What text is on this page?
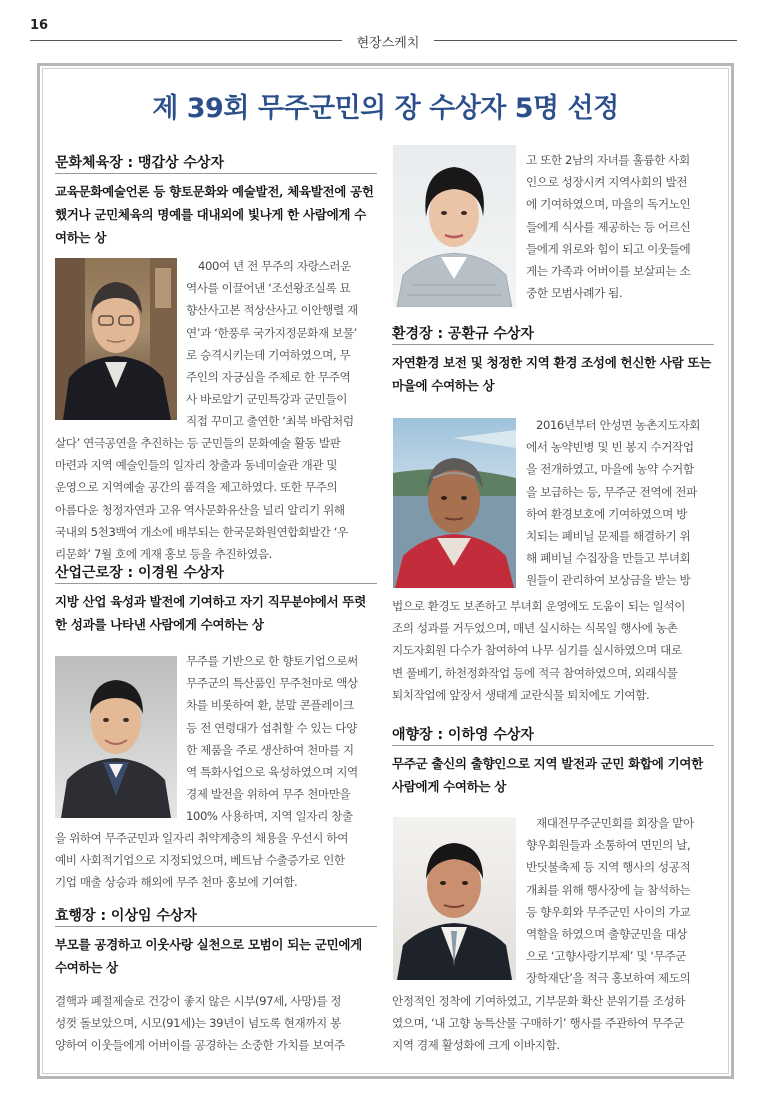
16
현장스케치
제 39회 무주군민의 장 수상자 5명 선정
문화체육장 : 맹갑상 수상자
교육문화예술언론 등 향토문화와 예술발전, 체육발전에 공헌했거나 군민체육의 명예를 대내외에 빛나게 한 사람에게 수여하는 상
400여 년 전 무주의 자랑스러운
역사를 이끌어낸 ‘조선왕조실록 묘
향산사고본 적상산사고 이안행렬 재
연’과 ‘한풍루 국가지정문화재 보물’
로 승격시키는데 기여하였으며, 무
주인의 자긍심을 주제로 한 무주역
사 바로알기 군민특강과 군민들이
직접 꾸미고 출연한 ‘최북 바람처럼
살다’ 연극공연을 추진하는 등 군민들의 문화예술 활동 발판
마련과 지역 예술인들의 일자리 창출과 동네미술관 개관 및
운영으로 지역예술 공간의 품격을 제고하였다. 또한 무주의
아름다운 청정자연과 고유 역사문화유산을 널리 알리기 위해
국내외 5천3백여 개소에 배부되는 한국문화원연합회발간 ‘우
리문화’ 7월 호에 게재 홍보 등을 추진하였음.
산업근로장 : 이경원 수상자
지방 산업 육성과 발전에 기여하고 자기 직무분야에서 뚜렷한 성과를 나타낸 사람에게 수여하는 상
무주를 기반으로 한 향토기업으로써
무주군의 특산품인 무주천마로 액상
차를 비롯하여 환, 분말 콘플레이크
등 전 연령대가 섭취할 수 있는 다양
한 제품을 주로 생산하여 천마를 지
역 특화사업으로 육성하였으며 지역
경제 발전을 위하여 무주 천마만을
100% 사용하며, 지역 일자리 창출
을 위하여 무주군민과 일자리 취약계층의 채용을 우선시 하여
예비 사회적기업으로 지정되었으며, 베트남 수출증가로 인한
기업 매출 상승과 해외에 무주 천마 홍보에 기여함.
효행장 : 이상임 수상자
부모를 공경하고 이웃사랑 실천으로 모범이 되는 군민에게 수여하는 상
결핵과 폐절제술로 건강이 좋지 않은 시부(97세, 사망)를 정
성껏 돌보았으며, 시모(91세)는 39년이 넘도록 현재까지 봉
양하여 이웃들에게 어버이를 공경하는 소중한 가치를 보여주
고 또한 2남의 자녀를 훌륭한 사회
인으로 성장시켜 지역사회의 발전
에 기여하였으며, 마을의 독거노인
들에게 식사를 제공하는 등 어르신
들에게 위로와 힘이 되고 이웃들에
게는 가족과 어버이를 보살피는 소
중한 모범사례가 됨.
환경장 : 공환규 수상자
자연환경 보전 및 청정한 지역 환경 조성에 헌신한 사람 또는 마을에 수여하는 상
2016년부터 안성면 농촌지도자회
에서 농약빈병 및 빈 봉지 수거작업
을 전개하였고, 마을에 농약 수거함
을 보급하는 등, 무주군 전역에 전파
하여 환경보호에 기여하였으며 방
치되는 폐비닐 문제를 해결하기 위
해 폐비닐 수집장을 만들고 부녀회
원들이 관리하여 보상금을 받는 방
법으로 환경도 보존하고 부녀회 운영에도 도움이 되는 일석이
조의 성과를 거두었으며, 매년 실시하는 식목일 행사에 농촌
지도자회원 다수가 참여하여 나무 심기를 실시하였으며 대로
변 풀베기, 하천정화작업 등에 적극 참여하였으며, 외래식물
퇴치작업에 앞장서 생태계 교란식물 퇴치에도 기여함.
애향장 : 이하영 수상자
무주군 출신의 출향인으로 지역 발전과 군민 화합에 기여한 사람에게 수여하는 상
재대전무주군민회를 회장을 맡아
향우회원들과 소통하여 면민의 날,
반딧불축제 등 지역 행사의 성공적
개최를 위해 행사장에 늘 참석하는
등 향우회와 무주군민 사이의 가교
역할을 하였으며 출향군민을 대상
으로 ‘고향사랑기부제’ 및 ‘무주군
장학재단’을 적극 홍보하여 제도의
안정적인 정착에 기여하였고, 기부문화 확산 분위기를 조성하
였으며, ‘내 고향 농특산물 구매하기’ 행사를 주관하여 무주군
지역 경제 활성화에 크게 이바지함.
